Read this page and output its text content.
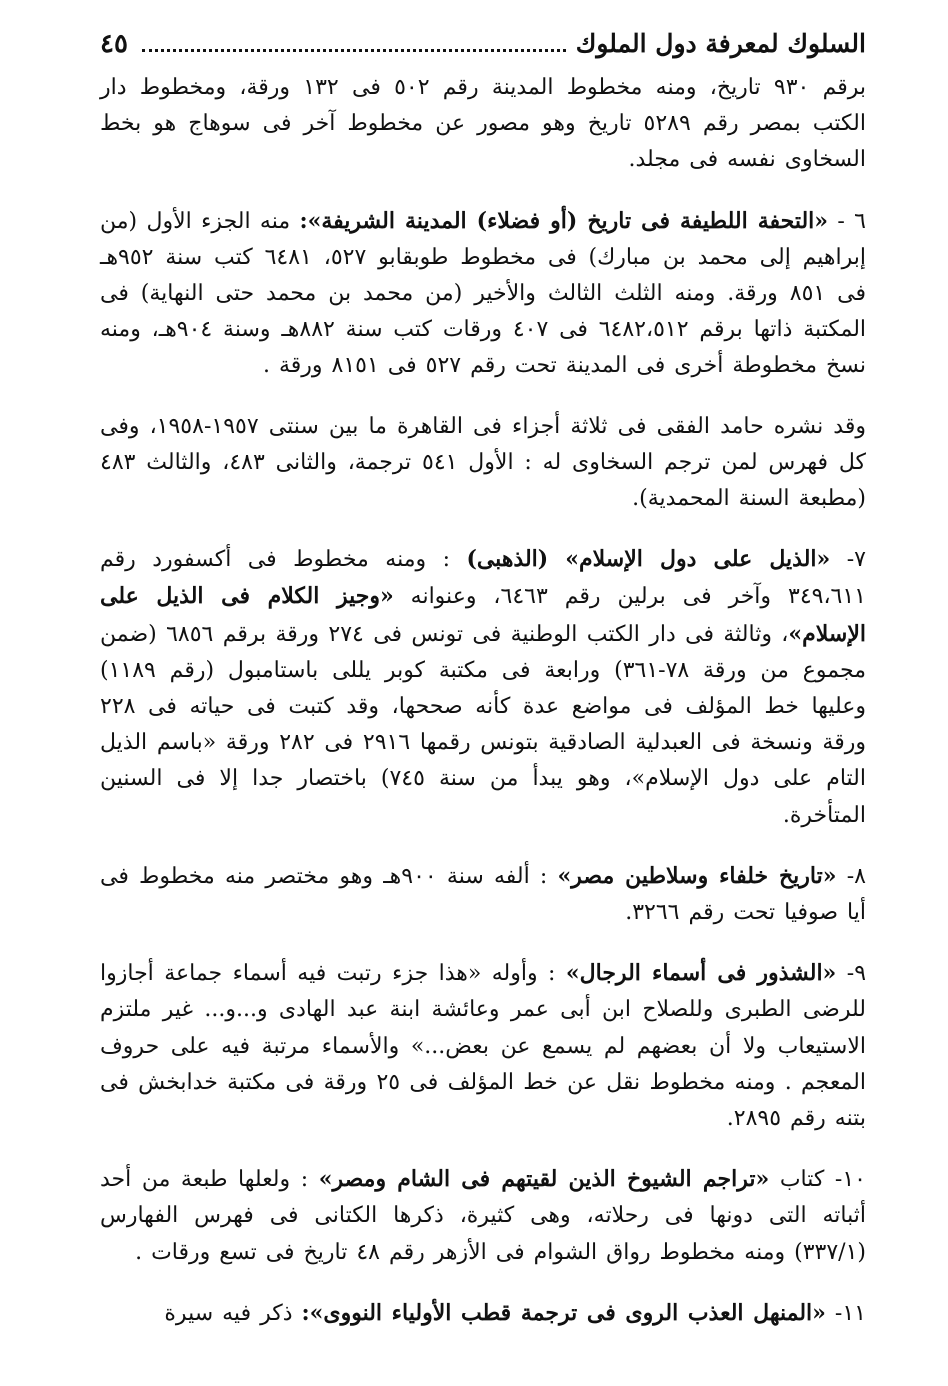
٤٥	السلوك لمعرفة دول الملوك
برقم ٩٣٠ تاريخ، ومنه مخطوط المدينة رقم ٥٠٢ فى ١٣٢ ورقة، ومخطوط دار الكتب بمصر رقم ٥٢٨٩ تاريخ وهو مصور عن مخطوط آخر فى سوهاج هو بخط السخاوى نفسه فى مجلد.
٦ - «التحفة اللطيفة فى تاريخ (أو فضلاء) المدينة الشريفة»: منه الجزء الأول (من إبراهيم إلى محمد بن مبارك) فى مخطوط طوبقابو ٥٢٧، ٦٤٨١ كتب سنة ٩٥٢هـ فى ٨٥١ ورقة. ومنه الثلث الثالث والأخير (من محمد بن محمد حتى النهاية) فى المكتبة ذاتها برقم ٦٤٨٢،٥١٢ فى ٤٠٧ ورقات كتب سنة ٨٨٢هـ وسنة ٩٠٤هـ، ومنه نسخ مخطوطة أخرى فى المدينة تحت رقم ٥٢٧ فى ٨١٥١ ورقة .
وقد نشره حامد الفقى فى ثلاثة أجزاء فى القاهرة ما بين سنتى ١٩٥٧-١٩٥٨، وفى كل فهرس لمن ترجم السخاوى له : الأول ٥٤١ ترجمة، والثانى ٤٨٣، والثالث ٤٨٣ (مطبعة السنة المحمدية).
٧- «الذيل على دول الإسلام» (الذهبى) : ومنه مخطوط فى أكسفورد رقم ٣٤٩،٦١١ وآخر فى برلين رقم ٦٤٦٣، وعنوانه «وجيز الكلام فى الذيل على الإسلام»، وثالثة فى دار الكتب الوطنية فى تونس فى ٢٧٤ ورقة برقم ٦٨٥٦ (ضمن مجموع من ورقة ٧٨-٣٦١) ورابعة فى مكتبة كوبر يللى باستامبول (رقم ١١٨٩) وعليها خط المؤلف فى مواضع عدة كأنه صححها، وقد كتبت فى حياته فى ٢٢٨ ورقة ونسخة فى العبدلية الصادقية بتونس رقمها ٢٩١٦ فى ٢٨٢ ورقة «باسم الذيل التام على دول الإسلام»، وهو يبدأ من سنة ٧٤٥) باختصار جدا إلا فى السنين المتأخرة.
٨- «تاريخ خلفاء وسلاطين مصر» : ألفه سنة ٩٠٠هـ وهو مختصر منه مخطوط فى أيا صوفيا تحت رقم ٣٢٦٦.
٩- «الشذور فى أسماء الرجال» : وأوله «هذا جزء رتبت فيه أسماء جماعة أجازوا للرضى الطبرى وللصلاح ابن أبى عمر وعائشة ابنة عبد الهادى و...و... غير ملتزم الاستيعاب ولا أن بعضهم لم يسمع عن بعض...» والأسماء مرتبة فيه على حروف المعجم . ومنه مخطوط نقل عن خط المؤلف فى ٢٥ ورقة فى مكتبة خدابخش فى بتنه رقم ٢٨٩٥.
١٠- كتاب «تراجم الشيوخ الذين لقيتهم فى الشام ومصر» : ولعلها طبعة من أحد أثباته التى دونها فى رحلاته، وهى كثيرة، ذكرها الكتانى فى فهرس الفهارس (٣٣٧/١) ومنه مخطوط رواق الشوام فى الأزهر رقم ٤٨ تاريخ فى تسع ورقات .
١١- «المنهل العذب الروى فى ترجمة قطب الأولياء النووى»: ذكر فيه سيرة
